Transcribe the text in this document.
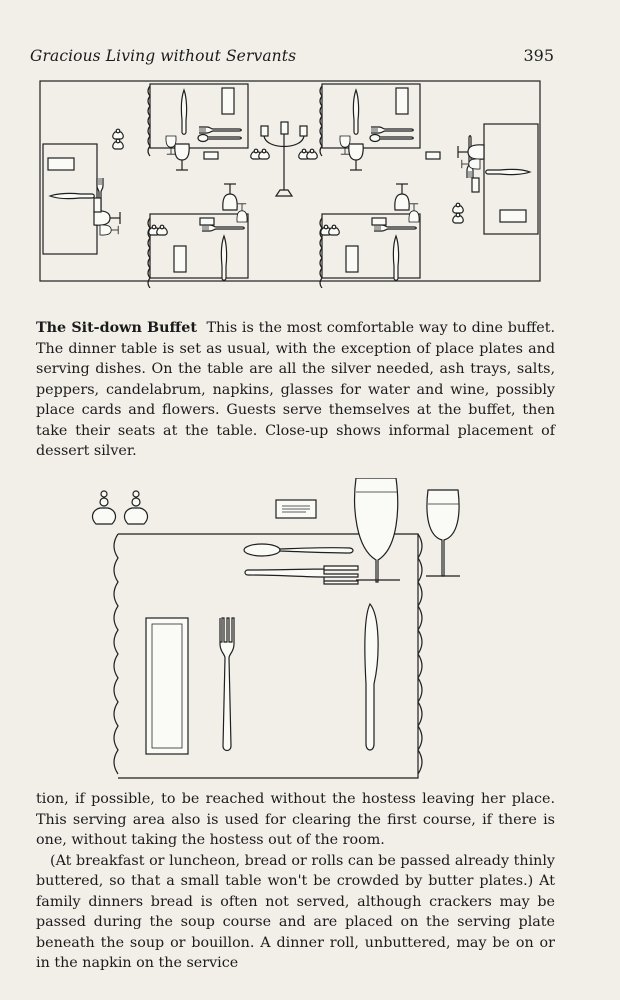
Gracious Living without Servants	395
The Sit-down Buffet This is the most comfortable way to dine buffet. The dinner table is set as usual, with the exception of place plates and serving dishes. On the table are all the silver needed, ash trays, salts, peppers, candelabrum, napkins, glasses for water and wine, possibly place cards and flowers. Guests serve themselves at the buffet, then take their seats at the table. Close-up shows informal placement of dessert silver.

tion, if possible, to be reached without the hostess leaving her place. This serving area also is used for clearing the first course, if there is one, without taking the hostess out of the room.

(At breakfast or luncheon, bread or rolls can be passed already thinly buttered, so that a small table won't be crowded by butter plates.) At family dinners bread is often not served, although crackers may be passed during the soup course and are placed on the serving plate beneath the soup or bouillon. A dinner roll, unbuttered, may be on or in the napkin on the service
